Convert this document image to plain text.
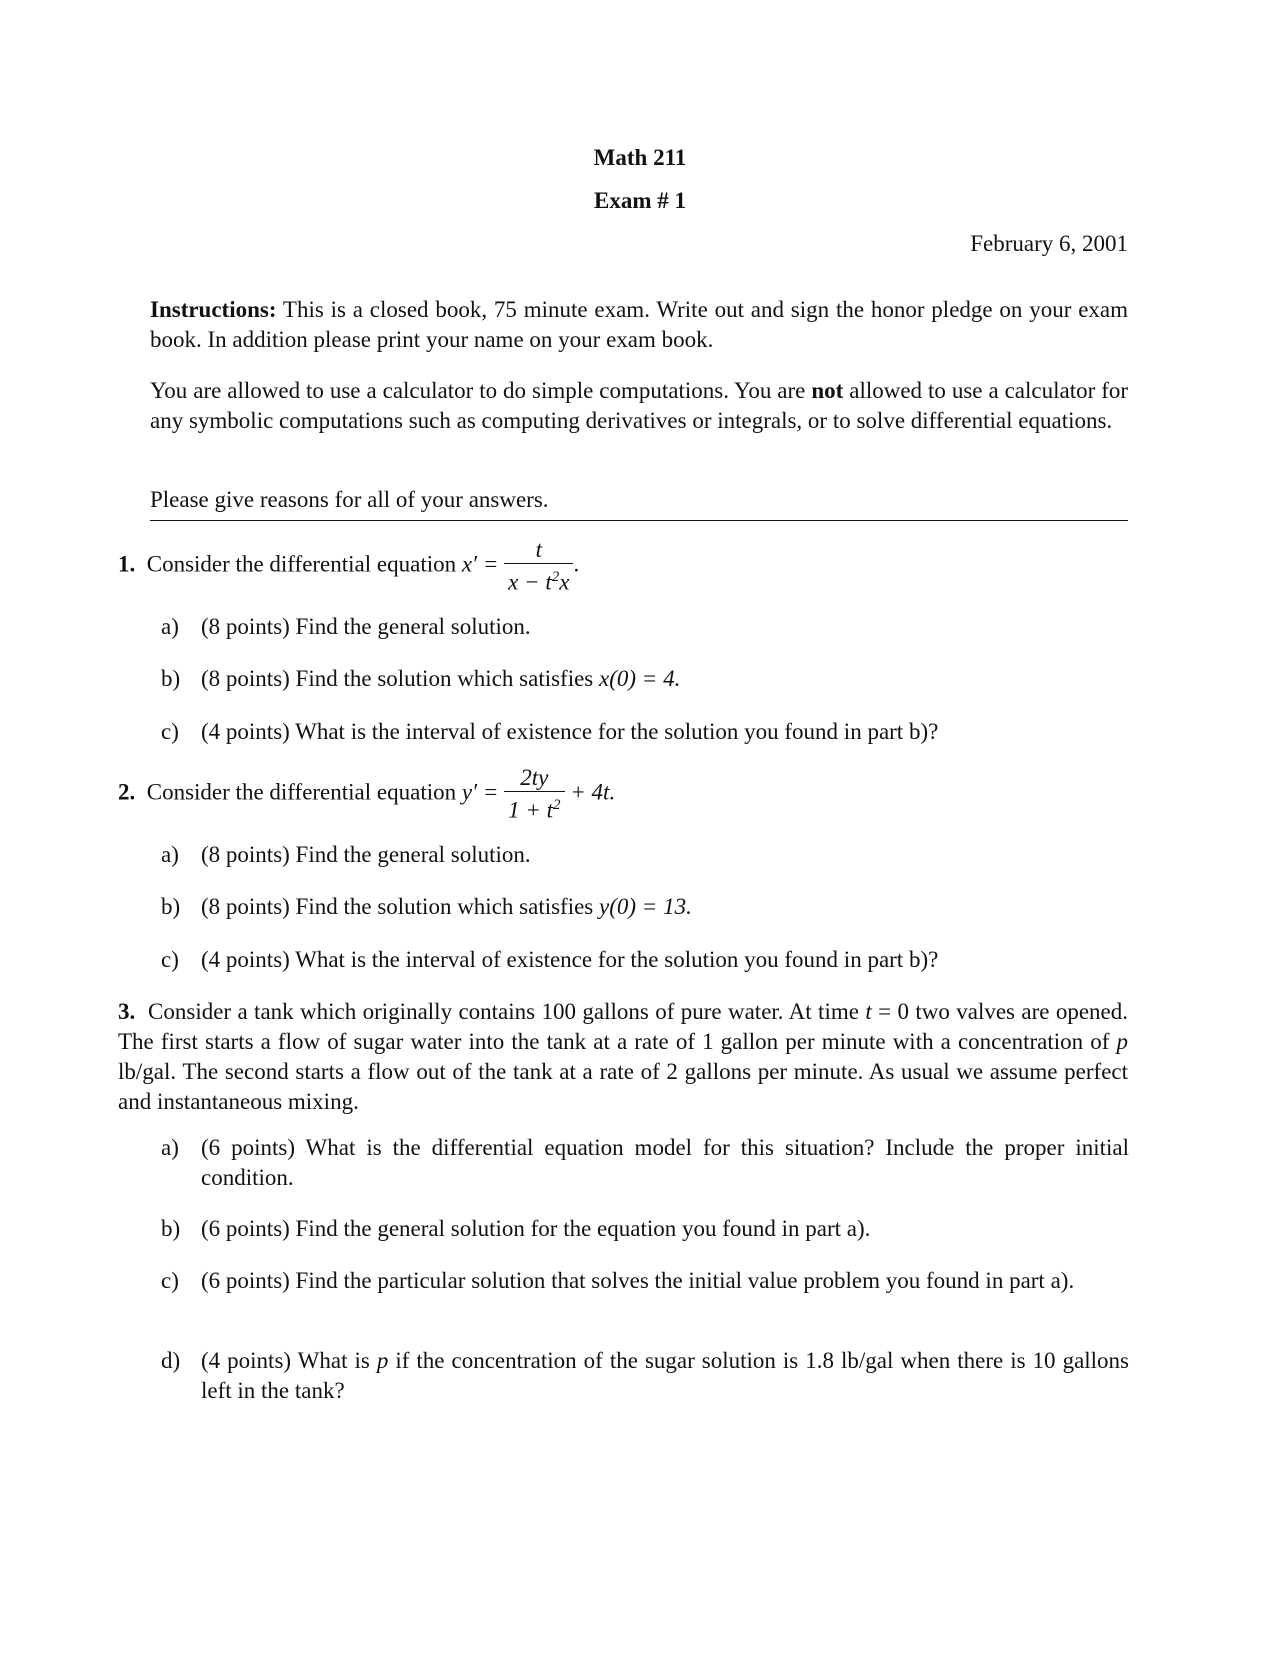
Math 211
Exam # 1
February 6, 2001
Instructions: This is a closed book, 75 minute exam. Write out and sign the honor pledge on your exam book. In addition please print your name on your exam book.
You are allowed to use a calculator to do simple computations. You are not allowed to use a calculator for any symbolic computations such as computing derivatives or integrals, or to solve differential equations.
Please give reasons for all of your answers.
1. Consider the differential equation $x' = \frac{t}{x - t^2x}$ .
a) (8 points) Find the general solution.
b) (8 points) Find the solution which satisfies x(0) = 4.
c) (4 points) What is the interval of existence for the solution you found in part b)?
2. Consider the differential equation $y' = \frac{2ty}{1 + t^2} + 4t$.
a) (8 points) Find the general solution.
b) (8 points) Find the solution which satisfies y(0) = 13.
c) (4 points) What is the interval of existence for the solution you found in part b)?
3. Consider a tank which originally contains 100 gallons of pure water. At time t = 0 two valves are opened. The first starts a flow of sugar water into the tank at a rate of 1 gallon per minute with a concentration of p lb/gal. The second starts a flow out of the tank at a rate of 2 gallons per minute. As usual we assume perfect and instantaneous mixing.
a) (6 points) What is the differential equation model for this situation? Include the proper initial condition.
b) (6 points) Find the general solution for the equation you found in part a).
c) (6 points) Find the particular solution that solves the initial value problem you found in part a).
d) (4 points) What is p if the concentration of the sugar solution is 1.8 lb/gal when there is 10 gallons left in the tank?
